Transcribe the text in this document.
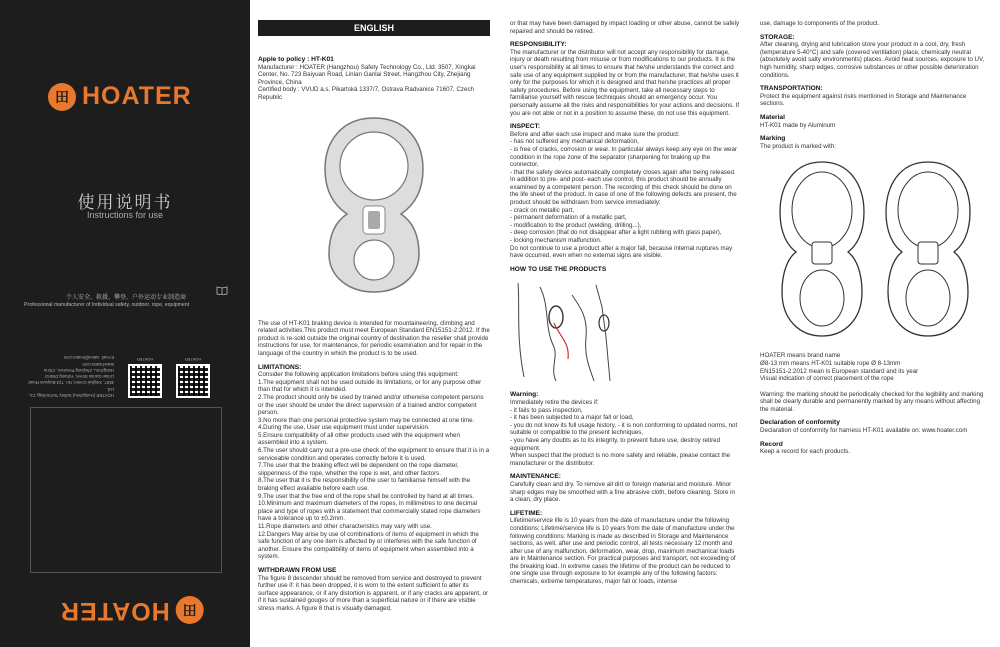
田 HOATER
使用说明书
Instructions for use
个人安全、救援、攀登、户外运动专业制造商
Professional manufacturer of Individual safety, outdoor, rope, equipment
HOATER
HOATER
HOATER (Hangzhou) Safety Technology Co., Ltd.
3507, Xingkai Center, No. 723 Baiyuan Road
Linlan Ganlai Street, Yuhang District
Hangzhou, Zhejiang Province, China
www.hoater.com
E-mail: sales@hoater.com
田
HOATER
ENGLISH

Apple to policy : HT-K01

Manufacturer : HOATER (Hangzhou) Safety Technology Co., Ltd. 3507, Xingkai Center, No. 723 Baiyuan Road, Linlan Ganlai Street, Hangzhou City, Zhejiang Province, China

Certified body : VVUD a.s. Pikartská 1337/7, Ostrava Radvanice 71607, Czech Republic

The use of HT-K01 braking device is intended for mountaineering, climbing and related activities.This product must meet European Standard EN15151-2:2012. If the product is re-sold outside the original country of destination the reseller shall provide instructions for use, for maintenance, for periodic examination and for repair in the language of the country in which the product is to be used.

LIMITATIONS:

Consider the following application limitations before using this equipment:

1.The equipment shall not be used outside its limitations, or for any purpose other than that for which it is intended.

2.The product should only be used by trained and/or otherwise competent persons or the user should be under the direct supervision of a trained and/or competent person.

3.No more than one personal protective system may be connected at one time.

4.During the use, User use equipment must under supervision.

5.Ensure compatibility of all other products used with the equipment when assembled into a system.

6.The user should carry out a pre-use check of the equipment to ensure that it is in a serviceable condition and operates correctly before it is used.

7.The user that the braking effect will be dependent on the rope diameter, slipperiness of the rope, whether the rope is wet, and other factors.

8.The user that it is the responsibility of the user to familiarise himself with the braking effect available before each use.

9.The user that the free end of the rope shall be controlled by hand at all times.

10.Minimum and maximum diameters of the ropes, in millimetres to one decimal place and type of ropes with a statement that commercially stated rope diameters have a tolerance up to ±0.2mm.

11.Rope diameters and other characteristics may vary with use.

12.Dangers May arise by use of combinations of items of equipment in which the safe function of any one item is affected by or interferes with the safe function of another. Ensure the compatibility of items of equipment when assembled into a system.

WITHDRAWN FROM USE

The figure 8 descender should be removed from service and destroyed to prevent further use if: it has been dropped, it is worn to the extent sufficient to alter its surface appearance, or if any distortion is apparent, or if any cracks are apparent, or if it has sustained gouges of more than a superficial nature or if there are visible stress marks. A figure 8 that is visually damaged,

or that may have been damaged by impact loading or other abuse, cannot be safely repaired and should be retired.

RESPONSIBILITY:

The manufacturer or the distributor will not accept any responsibility for damage, injury or death resulting from misuse or from modifications to our products. It is the user's responsibility at all times to ensure that he/she understands the correct and safe use of any equipment supplied by or from the manufacturer, that he/she uses it only for the purposes for which it is designed and that he/she practices all proper safety procedures. Before using the equipment, take all necessary steps to familiarise yourself with rescue techniques should an emergency occur. You personally assume all the risks and responsibilities for your actions and decisions. If you are not able or not in a position to assume these, do not use this equipment.

INSPECT:

Before and after each use inspect and make sure the product:

- has not suffered any mechanical deformation,

- is free of cracks, corrosion or wear. In particular always keep any eye on the wear condition in the rope zone of the separator (sharpening for braking up the connector,

- that the safety device automatically completely closes again after being released.

In addition to pre- and post- each use control, this product should be annually examined by a competent person. The recording of this check should be done on the life sheet of the product. In case of one of the following defects are present, the product should be withdrawn from service immediately:

- crack on metallic part,

- permanent deformation of a metallic part,

- modification to the product (welding, drilling...),

- deep corrosion (that do not disappear after a light rubbing with glass paper),

- locking mechanism malfunction.

Do not continue to use a product after a major fall, because internal ruptures may have occurred, even when no external signs are visible.

HOW TO USE THE PRODUCTS

Warning:

Immediately retire the devices if:

- it fails to pass inspection,

- it has been subjected to a major fall or load,

- you do not know its full usage history, - it is non conforming to updated norms, not suitable or compatible to the present techniques,

- you have any doubts as to its integrity, to prevent future use, destroy retired equipment.

When suspect that the product is no more safety and reliable, please contact the manufacturer or the distributor.

MAINTENANCE:

Carefully clean and dry. To remove all dirt or foreign material and moisture. Minor sharp edges may be smoothed with a fine abrasive cloth, before cleaning. Store in a clean, dry place.

LIFETIME:

Lifetime/service life is 10 years from the date of manufacture under the following conditions: Lifetime/service life is 10 years from the date of manufacture under the following conditions: Marking is made as described in Storage and Maintenance sections, as well, after use and periodic control, all tests necessary 12 month and after use of any malfunction, deformation, wear, drop, maximum mechanical loads are in Maintenance section. For practical purposes and transport, not exceeding of the breaking load. In extreme cases the lifetime of the product can be reduced to one single use through exposure to for example any of the following factors: chemicals, extreme temperatures, major fall or loads, intense

use, damage to components of the product.

STORAGE:

After cleaning, drying and lubrication store your product in a cool, dry, fresh (temperature 5-40°C) and safe (covered ventilation) place, chemically neutral (absolutely avoid salty environments) places. Avoid heat sources, exposure to UV, high humidity, sharp edges, corrosive substances or other possible deterioration conditions.

TRANSPORTATION:

Protect the equipment against risks mentioned in Storage and Maintenance sections.

Material

HT-K01 made by Aluminum

Marking

The product is marked with:

HOATER means brand name

Ø8-13 mm means HT-K01 suitable rope Ø 8-13mm

EN15151-2:2012 mean is European standard and its year

Visual indication of correct placement of the rope

Warning: the marking should be periodically checked for the legibility and marking shall be clearly durable and permanently marked by any means without affecting the material.

Declaration of conformity

Declaration of conformity for harness HT-K01 available on: www.hoater.com

Record

Keep a record for each products.
